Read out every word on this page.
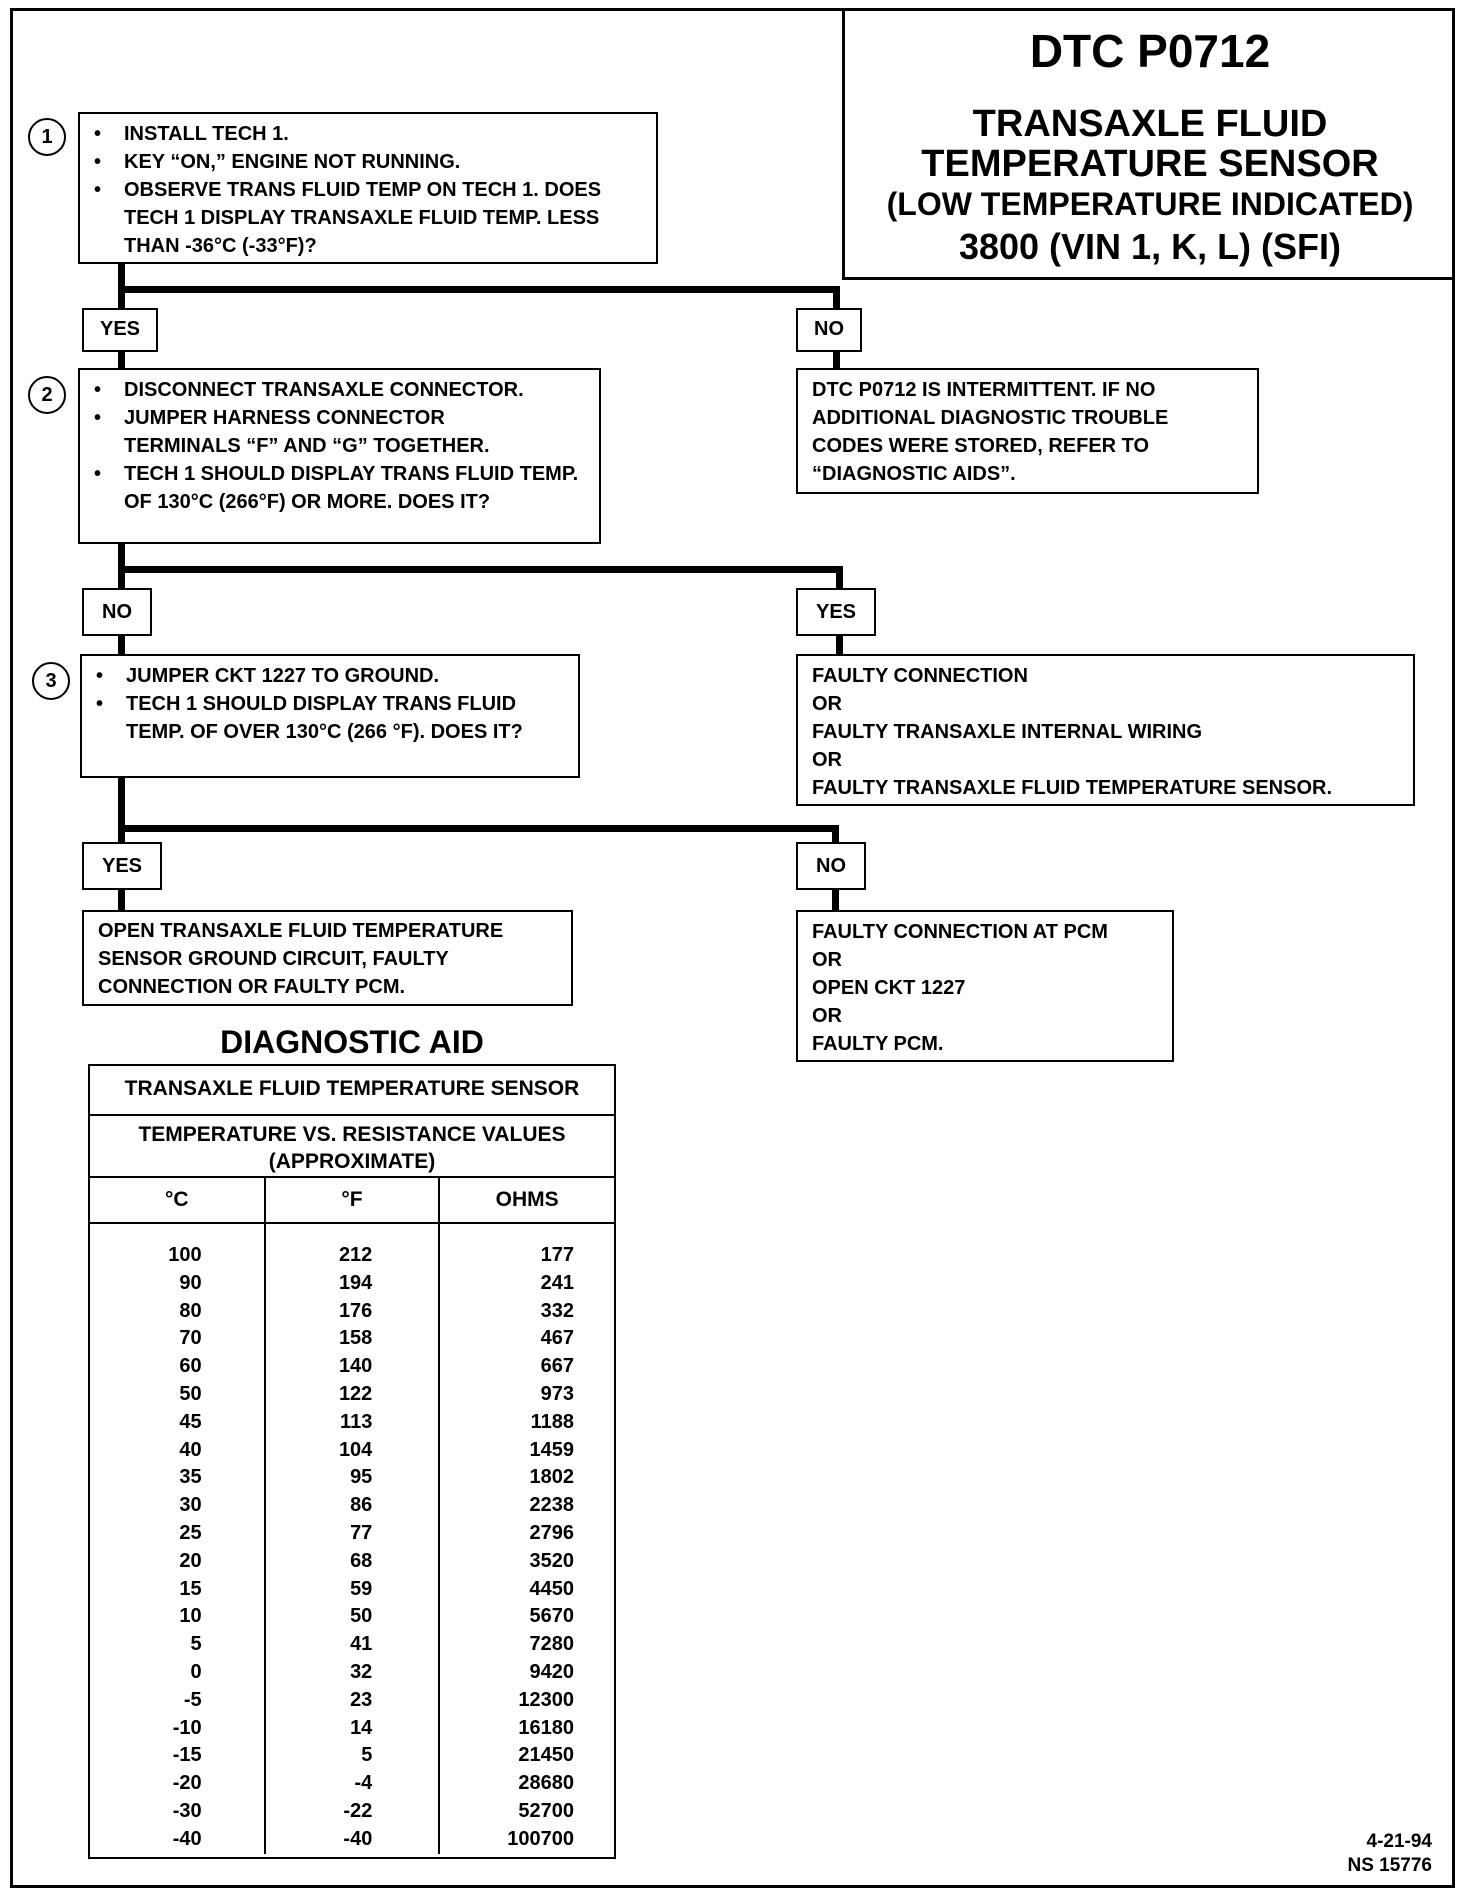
DTC P0712
TRANSAXLE FLUID
TEMPERATURE SENSOR
(LOW TEMPERATURE INDICATED)
3800 (VIN 1, K, L) (SFI)
1	• INSTALL TECH 1.
• KEY “ON,” ENGINE NOT RUNNING.
• OBSERVE TRANS FLUID TEMP ON TECH 1. DOES TECH 1 DISPLAY TRANSAXLE FLUID TEMP. LESS THAN -36°C (-33°F)?
YES	NO
2	• DISCONNECT TRANSAXLE CONNECTOR.
• JUMPER HARNESS CONNECTOR TERMINALS “F” AND “G” TOGETHER.
• TECH 1 SHOULD DISPLAY TRANS FLUID TEMP. OF 130°C (266°F) OR MORE. DOES IT?
DTC P0712 IS INTERMITTENT. IF NO
ADDITIONAL DIAGNOSTIC TROUBLE
CODES WERE STORED, REFER TO
“DIAGNOSTIC AIDS”.
NO	YES
3	• JUMPER CKT 1227 TO GROUND.
• TECH 1 SHOULD DISPLAY TRANS FLUID TEMP. OF OVER 130°C (266 °F). DOES IT?
FAULTY CONNECTION
OR
FAULTY TRANSAXLE INTERNAL WIRING
OR
FAULTY TRANSAXLE FLUID TEMPERATURE SENSOR.
YES	NO
OPEN TRANSAXLE FLUID TEMPERATURE
SENSOR GROUND CIRCUIT, FAULTY
CONNECTION OR FAULTY PCM.
FAULTY CONNECTION AT PCM
OR
OPEN CKT 1227
OR
FAULTY PCM.
DIAGNOSTIC AID
TRANSAXLE FLUID TEMPERATURE SENSOR
TEMPERATURE VS. RESISTANCE VALUES
(APPROXIMATE)
°C	°F	OHMS
100	212	177
90	194	241
80	176	332
70	158	467
60	140	667
50	122	973
45	113	1188
40	104	1459
35	95	1802
30	86	2238
25	77	2796
20	68	3520
15	59	4450
10	50	5670
5	41	7280
0	32	9420
-5	23	12300
-10	14	16180
-15	5	21450
-20	-4	28680
-30	-22	52700
-40	-40	100700	4-21-94
NS 15776
